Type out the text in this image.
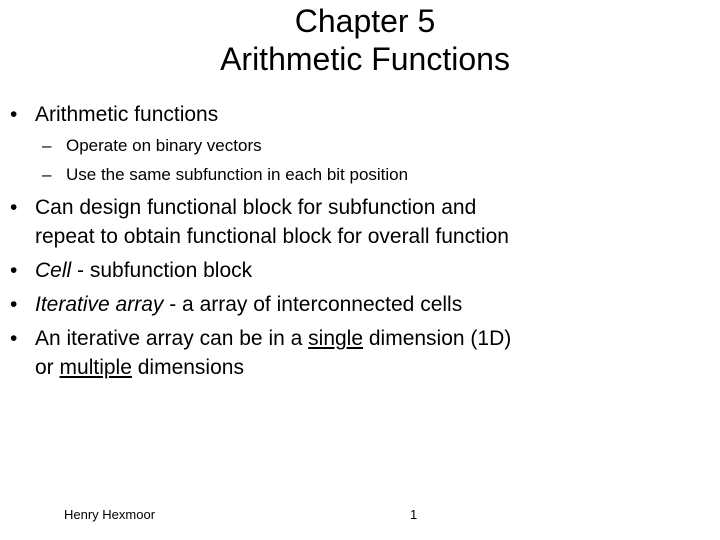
Chapter 5
Arithmetic Functions
• Arithmetic functions
– Operate on binary vectors
– Use the same subfunction in each bit position
• Can design functional block for subfunction and
repeat to obtain functional block for overall function
• Cell - subfunction block
• Iterative array - a array of interconnected cells
• An iterative array can be in a single dimension (1D)
or multiple dimensions
Henry Hexmoor	1
